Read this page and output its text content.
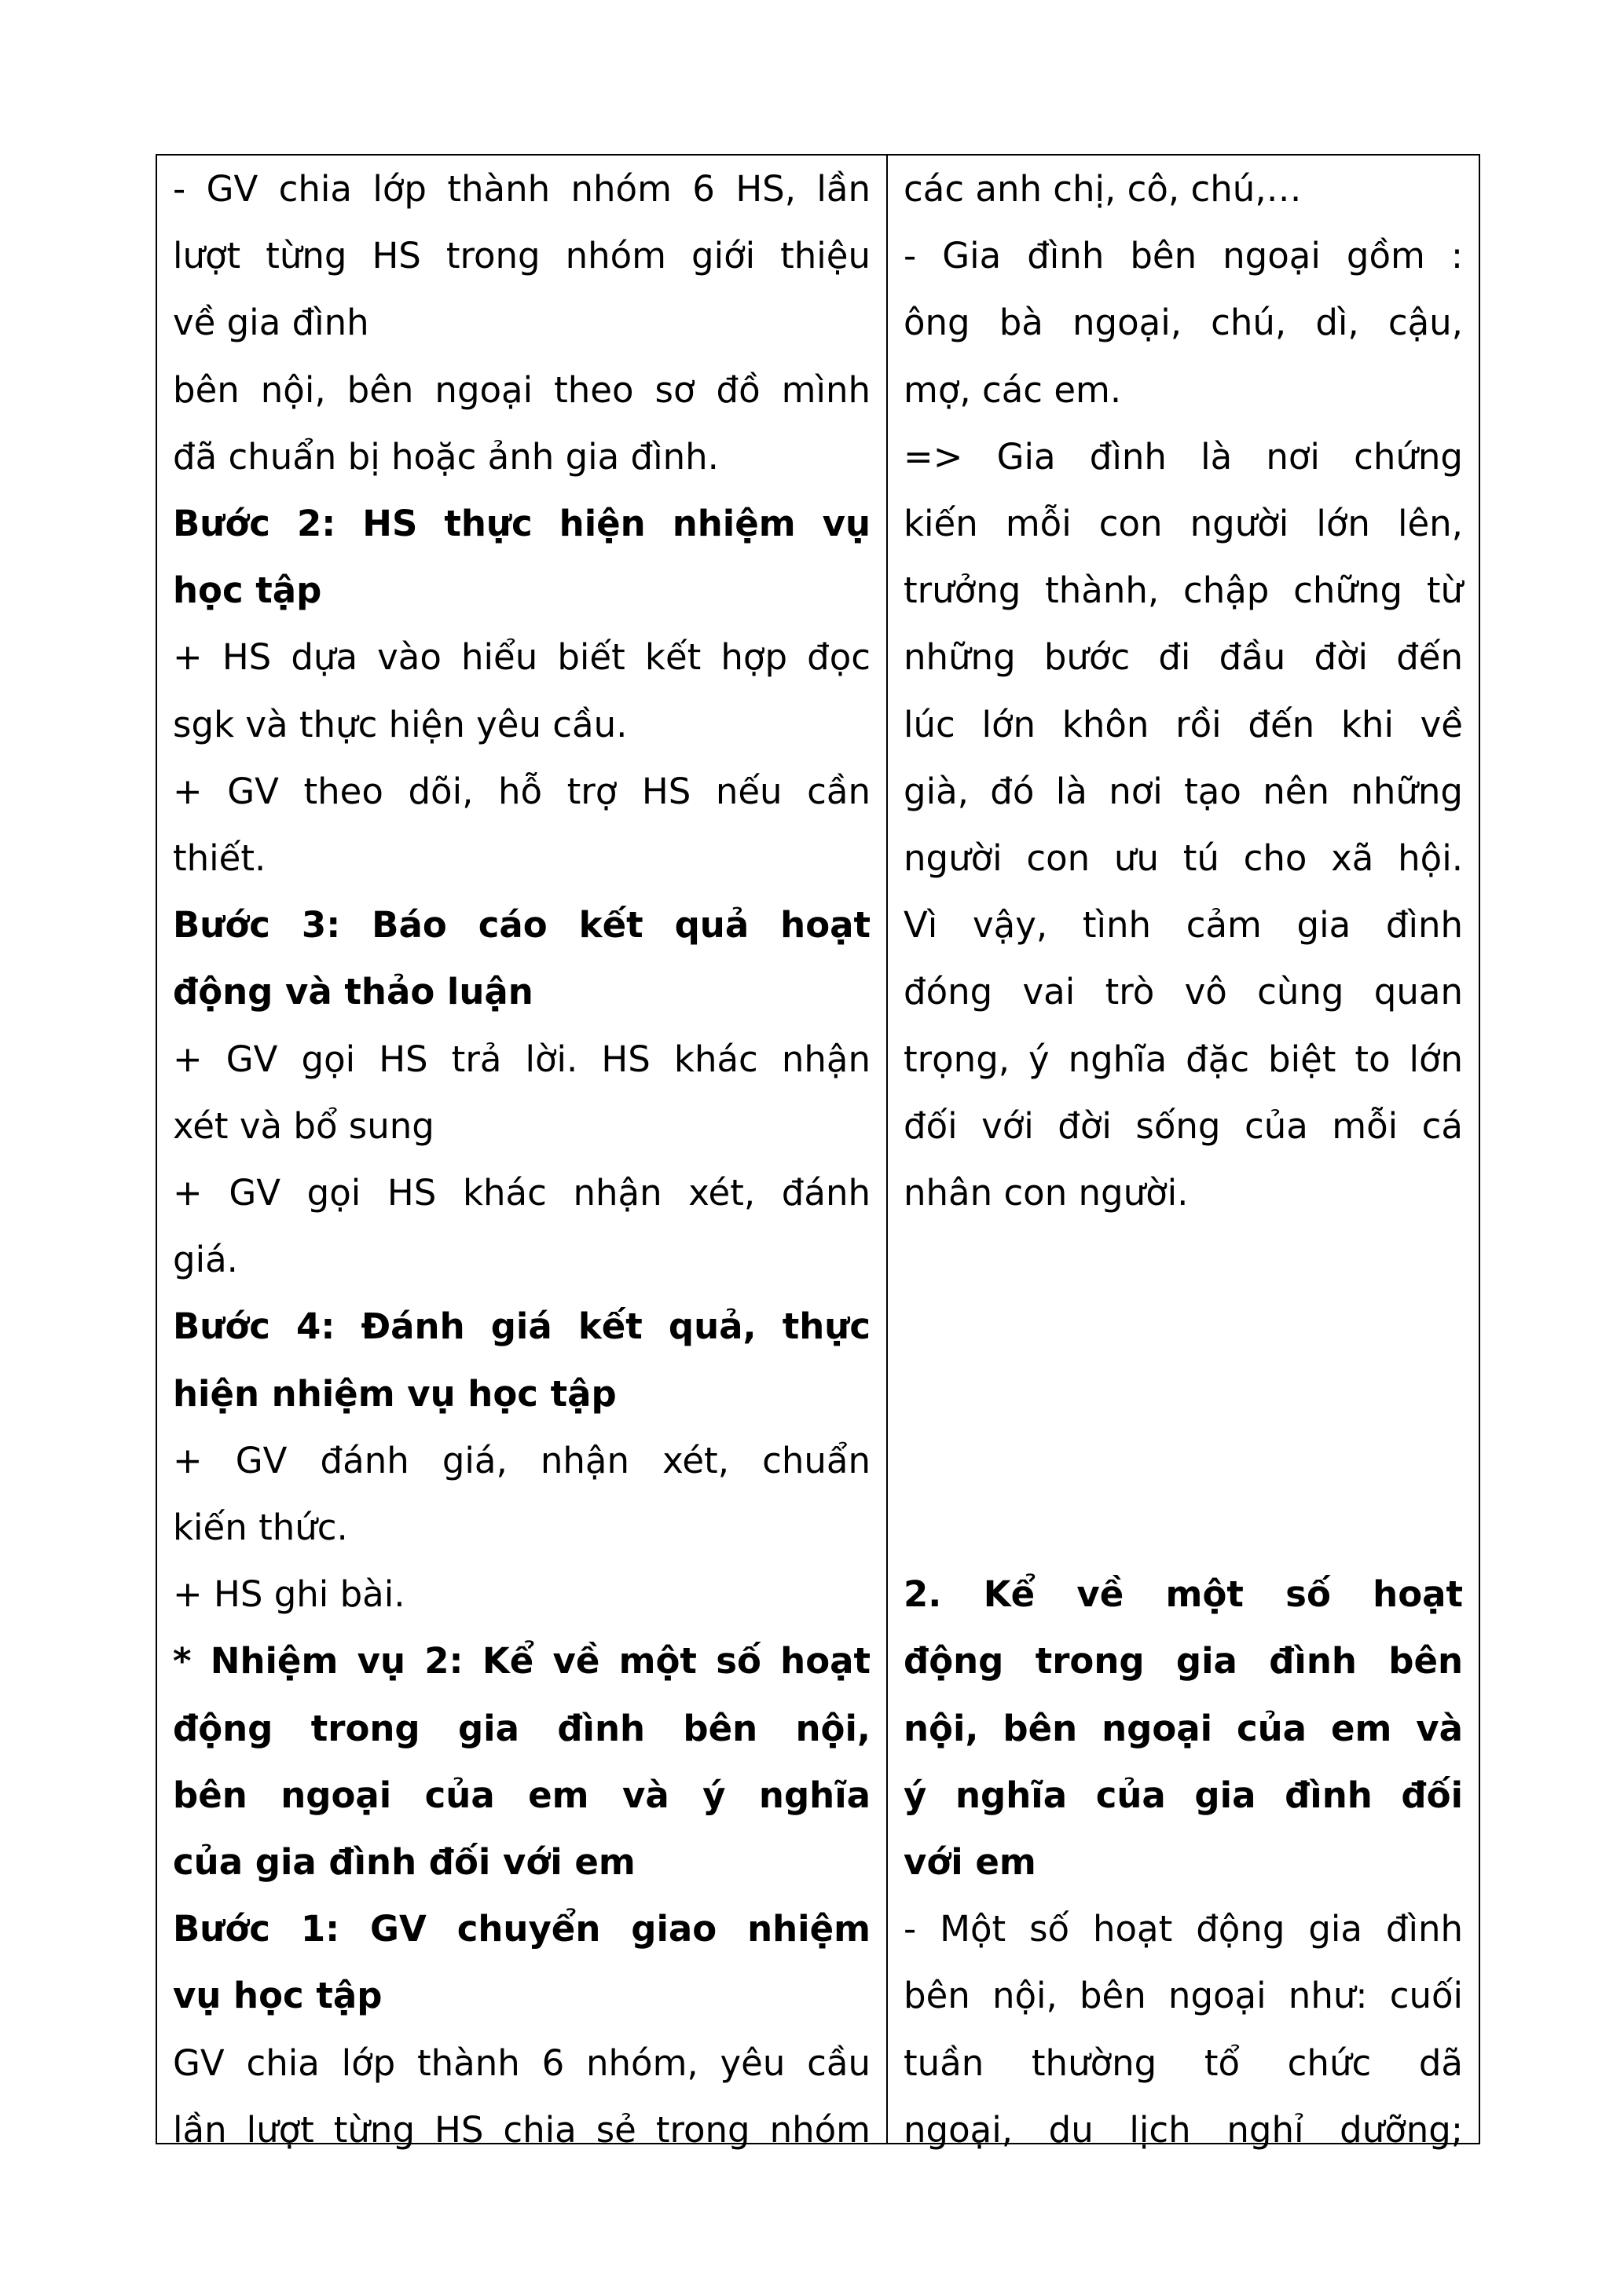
- GV chia lớp thành nhóm 6 HS, lần
lượt từng HS trong nhóm giới thiệu
về gia đình
bên nội, bên ngoại theo sơ đồ mình
đã chuẩn bị hoặc ảnh gia đình.
Bước 2: HS thực hiện nhiệm vụ
học tập
+ HS dựa vào hiểu biết kết hợp đọc
sgk và thực hiện yêu cầu.
+ GV theo dõi, hỗ trợ HS nếu cần
thiết.
Bước 3: Báo cáo kết quả hoạt
động và thảo luận
+ GV gọi HS trả lời. HS khác nhận
xét và bổ sung
+ GV gọi HS khác nhận xét, đánh
giá.
Bước 4: Đánh giá kết quả, thực
hiện nhiệm vụ học tập
+ GV đánh giá, nhận xét, chuẩn
kiến thức.
+ HS ghi bài.
* Nhiệm vụ 2: Kể về một số hoạt
động trong gia đình bên nội,
bên ngoại của em và ý nghĩa
của gia đình đối với em
Bước 1: GV chuyển giao nhiệm
vụ học tập
GV chia lớp thành 6 nhóm, yêu cầu
lần lượt từng HS chia sẻ trong nhóm
các anh chị, cô, chú,…
- Gia đình bên ngoại gồm :
ông bà ngoại, chú, dì, cậu,
mợ, các em.
=> Gia đình là nơi chứng
kiến mỗi con người lớn lên,
trưởng thành, chập chững từ
những bước đi đầu đời đến
lúc lớn khôn rồi đến khi về
già, đó là nơi tạo nên những
người con ưu tú cho xã hội.
Vì vậy, tình cảm gia đình
đóng vai trò vô cùng quan
trọng, ý nghĩa đặc biệt to lớn
đối với đời sống của mỗi cá
nhân con người.
2. Kể về một số hoạt
động trong gia đình bên
nội, bên ngoại của em và
ý nghĩa của gia đình đối
với em
- Một số hoạt động gia đình
bên nội, bên ngoại như: cuối
tuần thường tổ chức dã
ngoại, du lịch nghỉ dưỡng;
